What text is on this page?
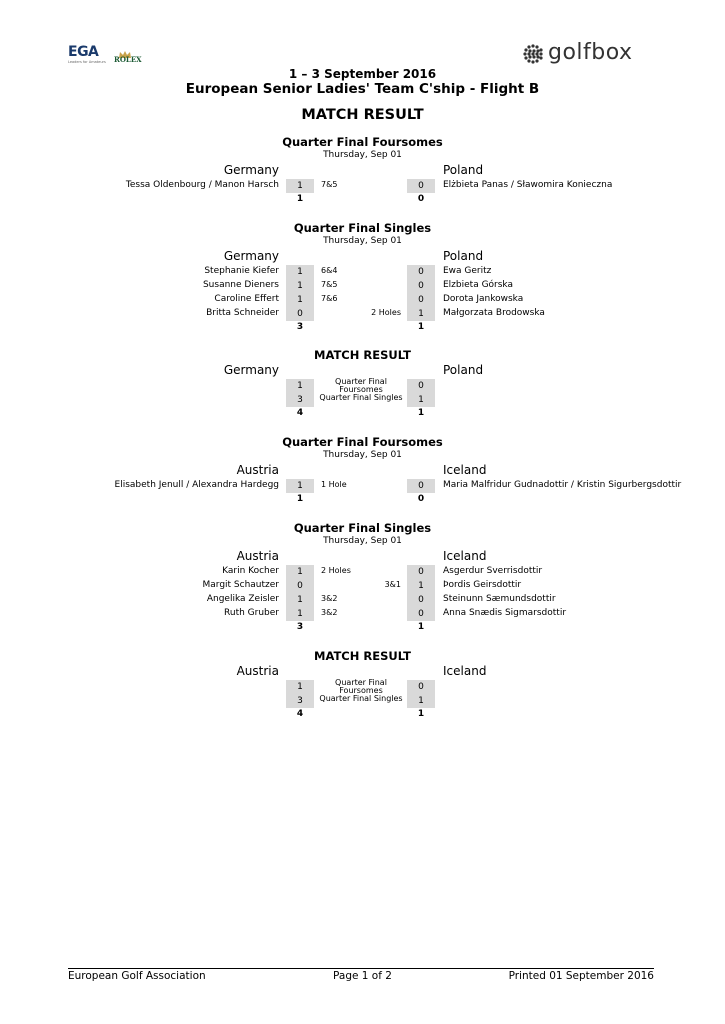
EGA
Leaders for Amateurs ROLEX	golfbox
1 – 3 September 2016
European Senior Ladies' Team C'ship - Flight B
MATCH RESULT
Quarter Final Foursomes
Thursday, Sep 01
Germany	Poland
Tessa Oldenbourg / Manon Harsch	1	7&5	0	Elżbieta Panas / Sławomira Konieczna
1	0
Quarter Final Singles
Thursday, Sep 01
Germany	Poland
Stephanie Kiefer	1	6&4	0	Ewa Geritz
Susanne Dieners	1	7&5	0	Elzbieta Górska
Caroline Effert	1	7&6	0	Dorota Jankowska
Britta Schneider	0	2 Holes	1	Małgorzata Brodowska
3	1
MATCH RESULT
Germany	Poland
1	Quarter Final Foursomes	0
3	Quarter Final Singles	1
4	1
Quarter Final Foursomes
Thursday, Sep 01
Austria	Iceland
Elisabeth Jenull / Alexandra Hardegg	1	1 Hole	0	Maria Malfridur Gudnadottir / Kristin Sigurbergsdottir
1	0
Quarter Final Singles
Thursday, Sep 01
Austria	Iceland
Karin Kocher	1	2 Holes	0	Asgerdur Sverrisdottir
Margit Schautzer	0	3&1	1	Þordis Geirsdottir
Angelika Zeisler	1	3&2	0	Steinunn Sæmundsdottir
Ruth Gruber	1	3&2	0	Anna Snædis Sigmarsdottir
3	1
MATCH RESULT
Austria	Iceland
1	Quarter Final Foursomes	0
3	Quarter Final Singles	1
4	1
European Golf Association	Page 1 of 2	Printed 01 September 2016
